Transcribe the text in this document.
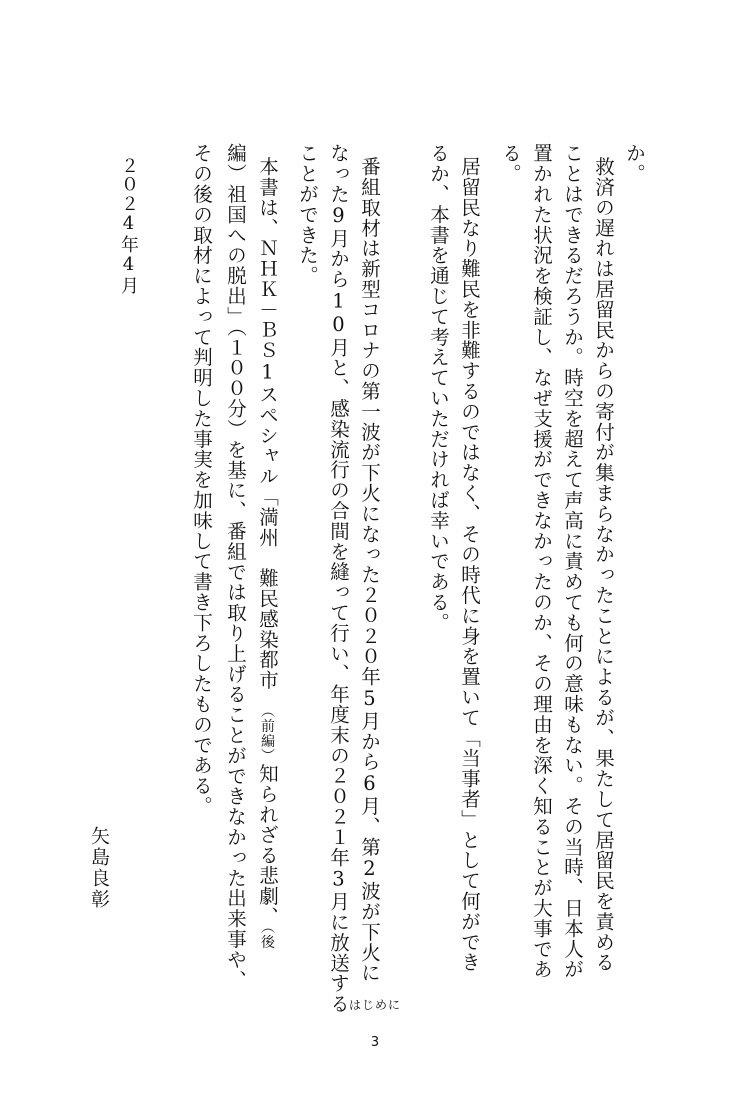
か。
　救済の遅れは居留民からの寄付が集まらなかったことによるが、果たして居留民を責める
ことはできるだろうか。時空を超えて声高に責めても何の意味もない。その当時、日本人が
置かれた状況を検証し、なぜ支援ができなかったのか、その理由を深く知ることが大事であ
る。
　居留民なり難民を非難するのではなく、その時代に身を置いて「当事者」として何ができ
るか、本書を通じて考えていただければ幸いである。
　番組取材は新型コロナの第一波が下火になった２０２０年5月から6月、第2波が下火に
なった9月から10月と、感染流行の合間を縫って行い、年度末の２０２１年3月に放送する
ことができた。
　本書は、ＮＨＫ－ＢＳ1スペシャル「満州　難民感染都市　（前編）知られざる悲劇、（後
編）祖国への脱出」（１００分）を基に、番組では取り上げることができなかった出来事や、
その後の取材によって判明した事実を加味して書き下ろしたものである。
２０２4年4月
矢島良彰
はじめに
3
